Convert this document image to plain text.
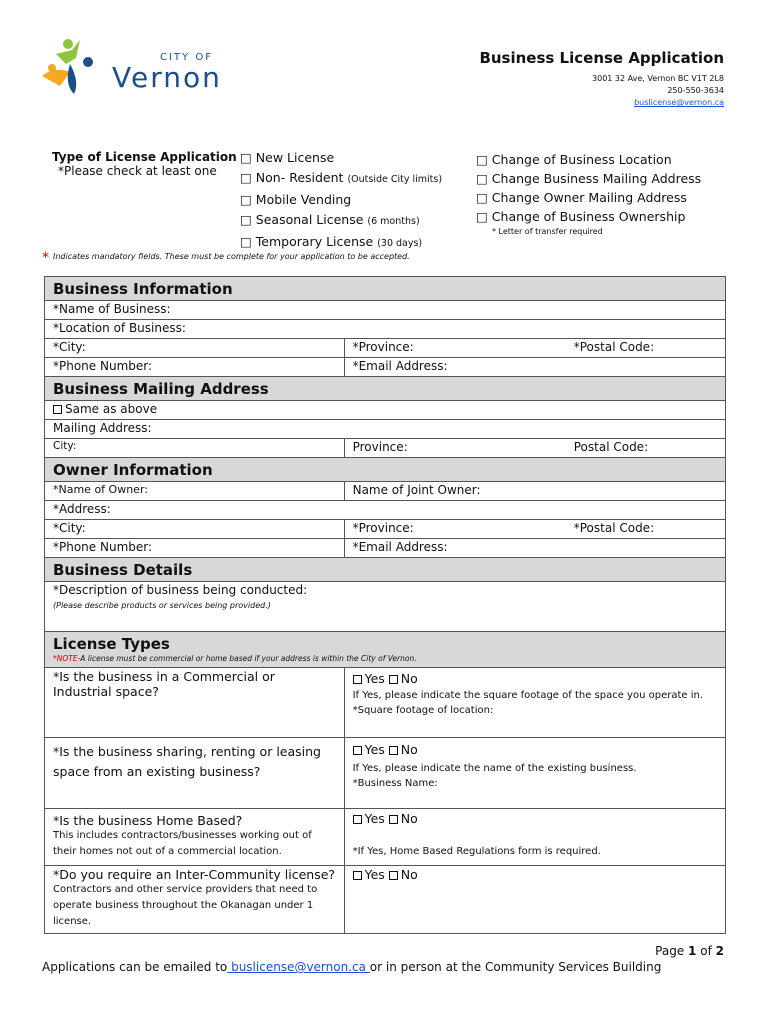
CITY OF
Vernon
Business License Application
3001 32 Ave, Vernon BC V1T 2L8
250-550-3634
buslicense@vernon.ca
Type of License Application
*Please check at least one
□ New License
□ Non- Resident (Outside City limits)
□ Mobile Vending
□ Seasonal License (6 months)
□ Temporary License (30 days)
□ Change of Business Location
□ Change Business Mailing Address
□ Change Owner Mailing Address
□ Change of Business Ownership
* Letter of transfer required
* Indicates mandatory fields. These must be complete for your application to be accepted.
Business Information		
*Name of Business:		
*Location of Business:		
*City:	*Province:	*Postal Code:
*Phone Number:	*Email Address:	
Business Mailing Address		
Same as above		
Mailing Address:		
City:	Province:	Postal Code:
Owner Information		
*Name of Owner:	Name of Joint Owner:	
*Address:		
*City:	*Province:	*Postal Code:
*Phone Number:	*Email Address:	
Business Details		
*Description of business being conducted:
(Please describe products or services being provided.)		

License Types
*NOTE-A license must be commercial or home based if your address is within the City of Vernon.		

*Is the business in a Commercial or Industrial space?	Yes No
If Yes, please indicate the square footage of the space you operate in.
*Square footage of location:	

*Is the business sharing, renting or leasing space from an existing business?	Yes No
If Yes, please indicate the name of the existing business.
*Business Name:	

*Is the business Home Based?
This includes contractors/businesses working out of their homes not out of a commercial location.	Yes No
*If Yes, Home Based Regulations form is required.	

*Do you require an Inter-Community license?
Contractors and other service providers that need to operate business throughout the Okanagan under 1 license.	Yes No	
Page 1 of 2
Applications can be emailed to buslicense@vernon.ca or in person at the Community Services Building
